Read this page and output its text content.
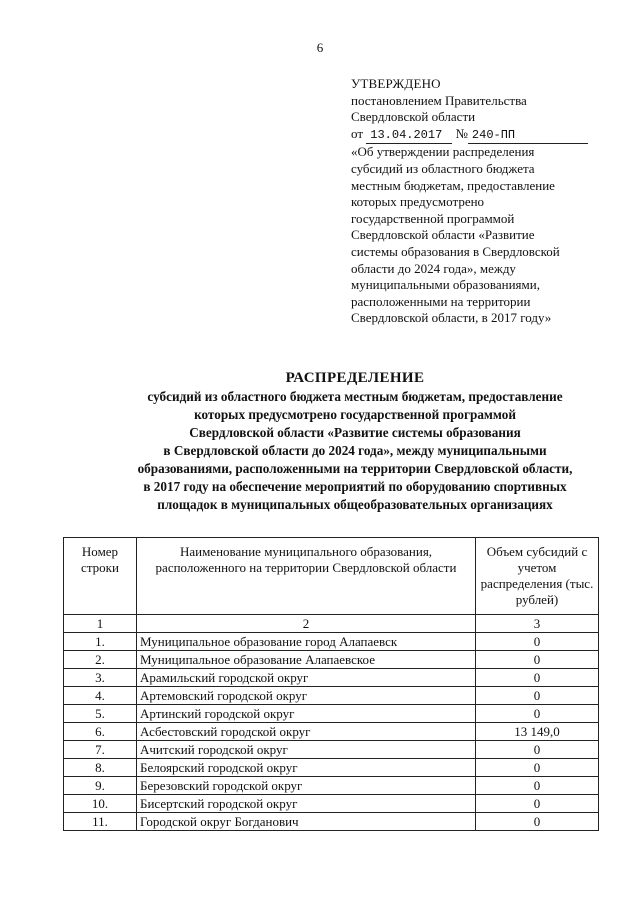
6

УТВЕРЖДЕНО

постановлением Правительства

Свердловской области

от 13.04.2017 № 240-ПП

«Об утверждении распределения

субсидий из областного бюджета

местным бюджетам, предоставление

которых предусмотрено

государственной программой

Свердловской области «Развитие

системы образования в Свердловской

области до 2024 года», между

муниципальными образованиями,

расположенными на территории

Свердловской области, в 2017 году»

РАСПРЕДЕЛЕНИЕ

субсидий из областного бюджета местным бюджетам, предоставление

которых предусмотрено государственной программой

Свердловской области «Развитие системы образования

в Свердловской области до 2024 года», между муниципальными

образованиями, расположенными на территории Свердловской области,

в 2017 году на обеспечение мероприятий по оборудованию спортивных

площадок в муниципальных общеобразовательных организациях

Номер строки	Наименование муниципального образования, расположенного на территории Свердловской области	Объем субсидий с учетом распределения (тыс. рублей)
1	2	3
1.	Муниципальное образование город Алапаевск	0
2.	Муниципальное образование Алапаевское	0
3.	Арамильский городской округ	0
4.	Артемовский городской округ	0
5.	Артинский городской округ	0
6.	Асбестовский городской округ	13 149,0
7.	Ачитский городской округ	0
8.	Белоярский городской округ	0
9.	Березовский городской округ	0
10.	Бисертский городской округ	0
11.	Городской округ Богданович	0
